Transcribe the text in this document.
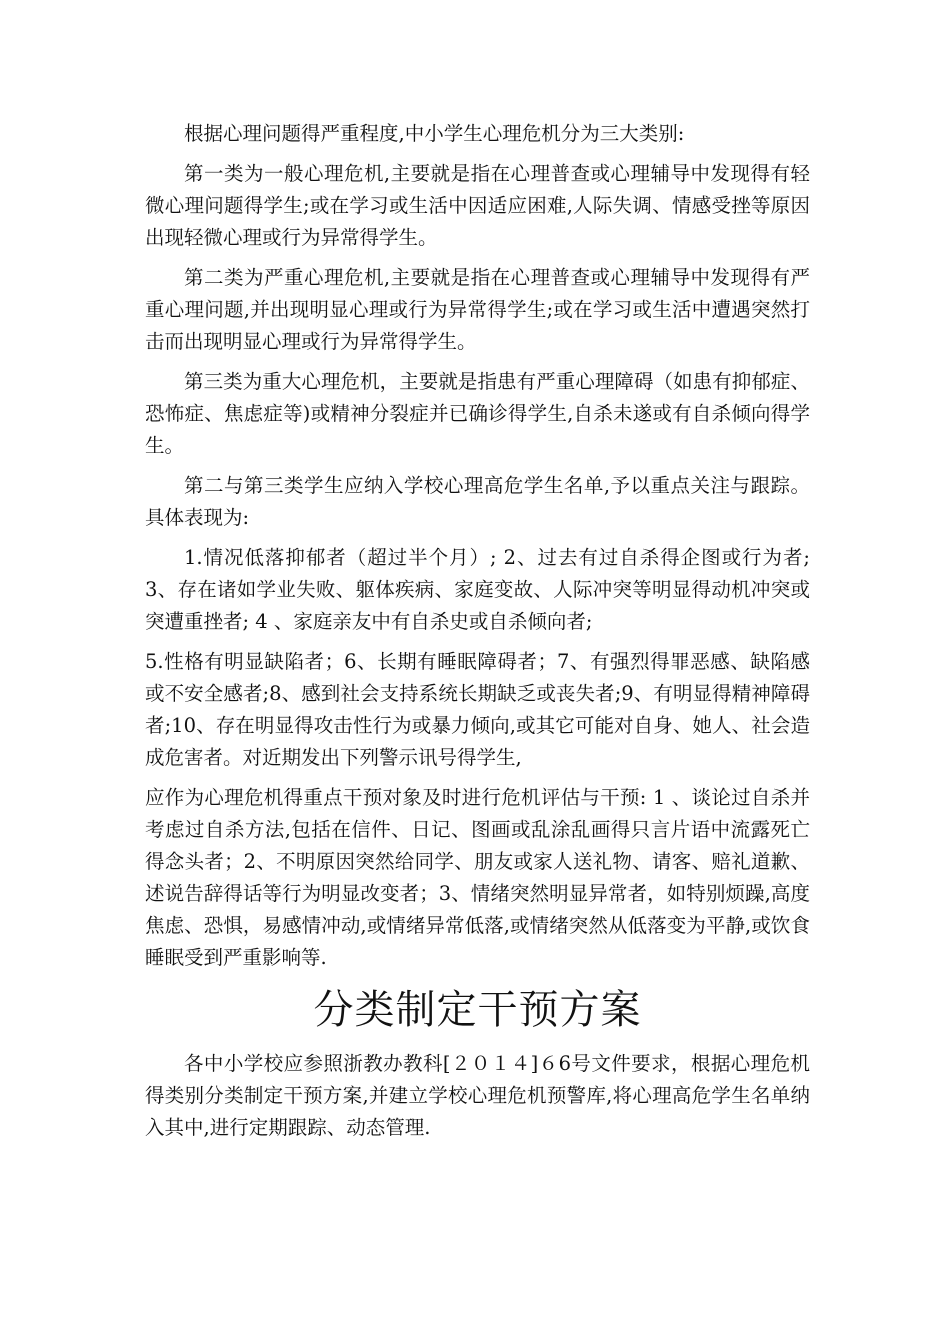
根据心理问题得严重程度,中小学生心理危机分为三大类别:

第一类为一般心理危机,主要就是指在心理普查或心理辅导中发现得有轻微心理问题得学生;或在学习或生活中因适应困难,人际失调、情感受挫等原因出现轻微心理或行为异常得学生。

第二类为严重心理危机,主要就是指在心理普查或心理辅导中发现得有严重心理问题,并出现明显心理或行为异常得学生;或在学习或生活中遭遇突然打击而出现明显心理或行为异常得学生。

第三类为重大心理危机，主要就是指患有严重心理障碍（如患有抑郁症、恐怖症、焦虑症等)或精神分裂症并已确诊得学生,自杀未遂或有自杀倾向得学生。

第二与第三类学生应纳入学校心理高危学生名单,予以重点关注与跟踪。具体表现为:

1.情况低落抑郁者（超过半个月）; 2、过去有过自杀得企图或行为者; 3、存在诸如学业失败、躯体疾病、家庭变故、人际冲突等明显得动机冲突或突遭重挫者; 4 、家庭亲友中有自杀史或自杀倾向者;

5.性格有明显缺陷者；6、长期有睡眠障碍者；7、有强烈得罪恶感、缺陷感或不安全感者;8、感到社会支持系统长期缺乏或丧失者;9、有明显得精神障碍者;10、存在明显得攻击性行为或暴力倾向,或其它可能对自身、她人、社会造成危害者。对近期发出下列警示讯号得学生,

应作为心理危机得重点干预对象及时进行危机评估与干预: 1 、谈论过自杀并考虑过自杀方法,包括在信件、日记、图画或乱涂乱画得只言片语中流露死亡得念头者；2、不明原因突然给同学、朋友或家人送礼物、请客、赔礼道歉、述说告辞得话等行为明显改变者；3、情绪突然明显异常者，如特别烦躁,高度焦虑、恐惧，易感情冲动,或情绪异常低落,或情绪突然从低落变为平静,或饮食睡眠受到严重影响等.

分类制定干预方案

各中小学校应参照浙教办教科[２０１４]６6号文件要求，根据心理危机得类别分类制定干预方案,并建立学校心理危机预警库,将心理高危学生名单纳入其中,进行定期跟踪、动态管理.
